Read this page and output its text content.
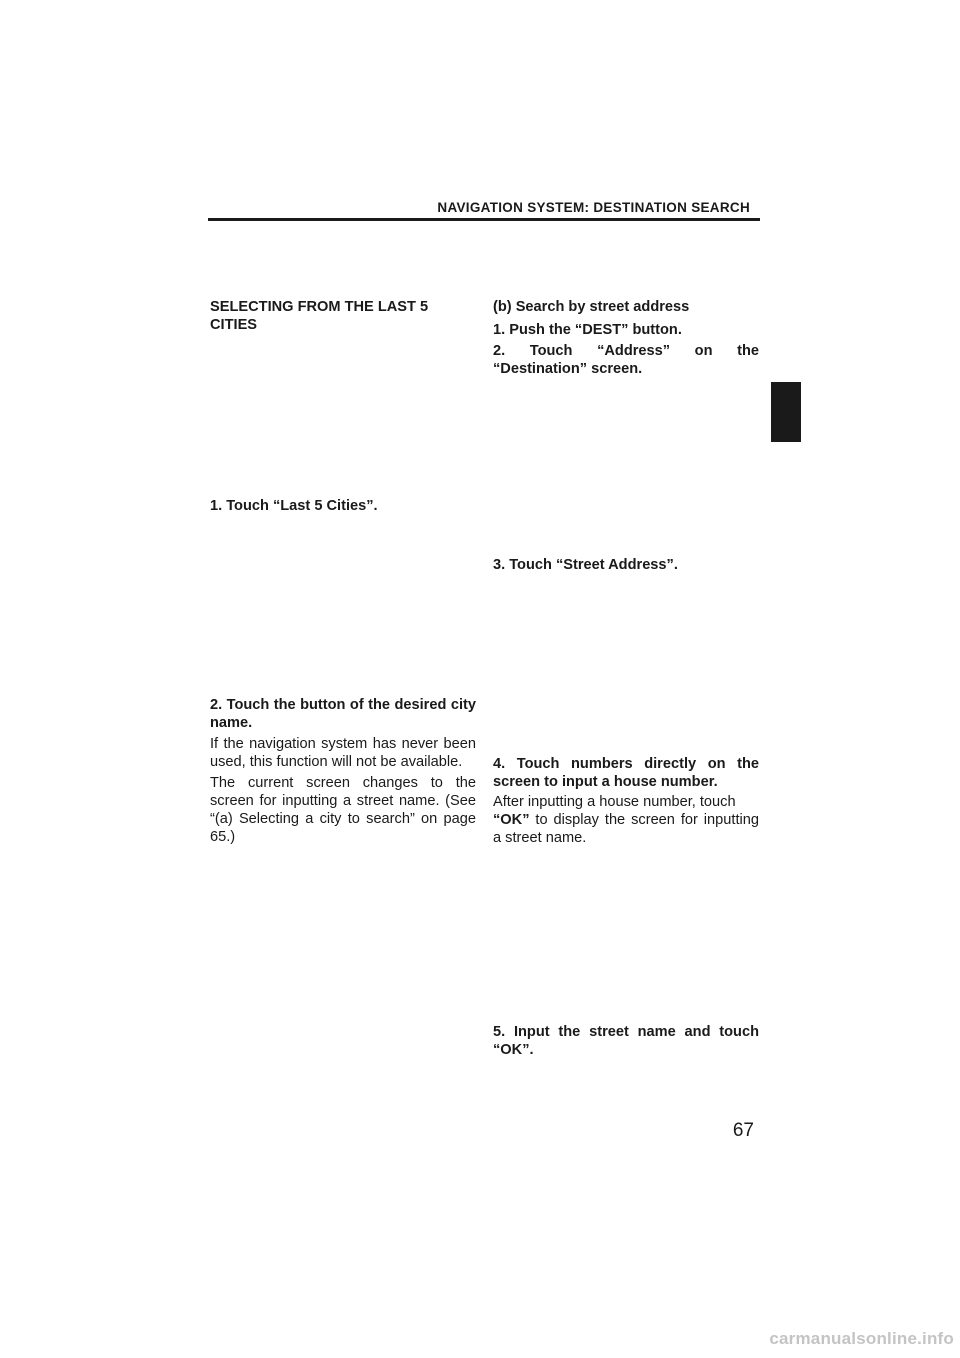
NAVIGATION SYSTEM: DESTINATION SEARCH
SELECTING FROM THE LAST 5 CITIES
1. Touch “Last 5 Cities”.
2. Touch the button of the desired city name.
If the navigation system has never been used, this function will not be available.
The current screen changes to the screen for inputting a street name. (See “(a) Selecting a city to search” on page 65.)
(b) Search by street address
1. Push the “DEST” button.
2. Touch “Address” on the “Destination” screen.
3. Touch “Street Address”.
4. Touch numbers directly on the screen to input a house number.
After inputting a house number, touch
“OK” to display the screen for inputting a street name.
5. Input the street name and touch “OK”.
67
carmanualsonline.info
